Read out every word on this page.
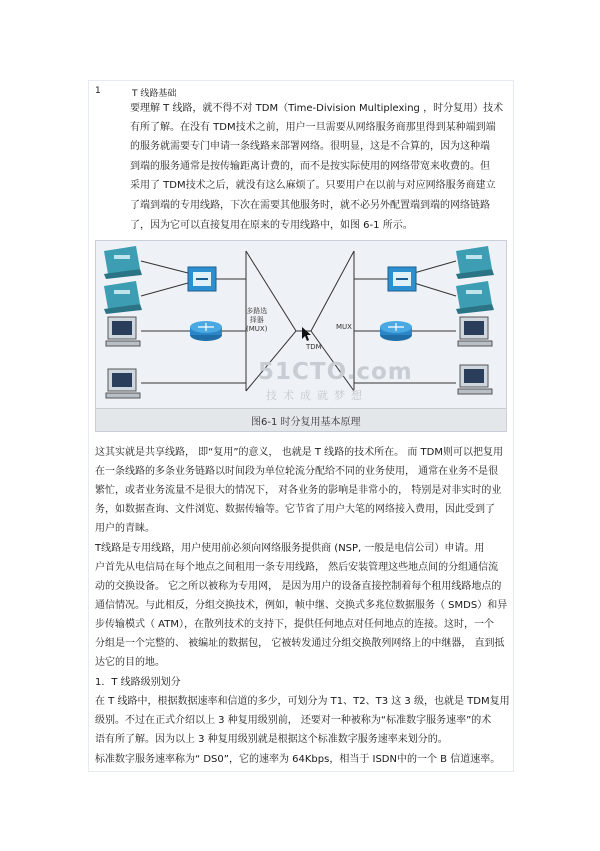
1	T 线路基础
要理解 T 线路，就不得不对 TDM（Time-Division Multiplexing ，时分复用）技术
有所了解。在没有 TDM技术之前，用户一旦需要从网络服务商那里得到某种端到端
的服务就需要专门申请一条线路来部署网络。很明显，这是不合算的，因为这种端
到端的服务通常是按传输距离计费的，而不是按实际使用的网络带宽来收费的。但
采用了 TDM技术之后，就没有这么麻烦了。只要用户在以前与对应网络服务商建立
了端到端的专用线路，下次在需要其他服务时，就不必另外配置端到端的网络链路
了，因为它可以直接复用在原来的专用线路中，如图 6-1 所示。
多路选
择器
(MUX)	MUX
TDM
51CTO.com
技术成就梦想
图6-1 时分复用基本原理
这其实就是共享线路， 即“复用”的意义， 也就是 T 线路的技术所在。 而 TDM则可以把复用
在一条线路的多条业务链路以时间段为单位轮流分配给不同的业务使用， 通常在业务不是很
繁忙，或者业务流量不是很大的情况下， 对各业务的影响是非常小的， 特别是对非实时的业
务，如数据查询、文件浏览、数据传输等。它节省了用户大笔的网络接入费用，因此受到了
用户的青睐。
T线路是专用线路，用户使用前必须向网络服务提供商 (NSP, 一般是电信公司）申请。用
户首先从电信局在每个地点之间租用一条专用线路， 然后安装管理这些地点间的分组通信流
动的交换设备。 它之所以被称为专用网， 是因为用户的设备直接控制着每个租用线路地点的
通信情况。与此相反，分组交换技术，例如，帧中继、交换式多兆位数据服务（ SMDS）和异
步传输模式（ ATM），在散列技术的支持下，提供任何地点对任何地点的连接。这时，一个
分组是一个完整的、 被编址的数据包， 它被转发通过分组交换散列网络上的中继器， 直到抵
达它的目的地。
1．T 线路级别划分
在 T 线路中，根据数据速率和信道的多少，可划分为 T1、T2、T3 这 3 级，也就是 TDM复用
级别。不过在正式介绍以上 3 种复用级别前， 还要对一种被称为“标准数字服务速率”的术
语有所了解。因为以上 3 种复用级别就是根据这个标准数字服务速率来划分的。
标准数字服务速率称为“ DS0”，它的速率为 64Kbps，相当于 ISDN中的一个 B 信道速率。
